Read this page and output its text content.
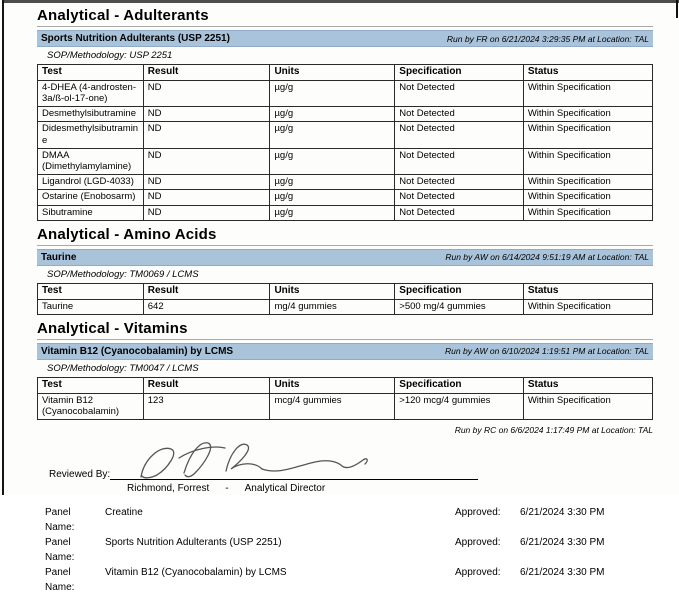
Analytical - Adulterants
Sports Nutrition Adulterants (USP 2251)	Run by FR on 6/21/2024 3:29:35 PM at Location: TAL
SOP/Methodology: USP 2251
Test	Result	Units	Specification	Status
4-DHEA (4-androsten-3a/ß-ol-17-one)	ND	µg/g	Not Detected	Within Specification
Desmethylsibutramine	ND	µg/g	Not Detected	Within Specification
Didesmethylsibutramine	ND	µg/g	Not Detected	Within Specification
DMAA (Dimethylamylamine)	ND	µg/g	Not Detected	Within Specification
Ligandrol (LGD-4033)	ND	µg/g	Not Detected	Within Specification
Ostarine (Enobosarm)	ND	µg/g	Not Detected	Within Specification
Sibutramine	ND	µg/g	Not Detected	Within Specification
Analytical - Amino Acids
Taurine	Run by AW on 6/14/2024 9:51:19 AM at Location: TAL
SOP/Methodology: TM0069 / LCMS
Test	Result	Units	Specification	Status
Taurine	642	mg/4 gummies	>500 mg/4 gummies	Within Specification
Analytical - Vitamins
Vitamin B12 (Cyanocobalamin) by LCMS	Run by AW on 6/10/2024 1:19:51 PM at Location: TAL
SOP/Methodology: TM0047 / LCMS
Test	Result	Units	Specification	Status
Vitamin B12 (Cyanocobalamin)	123	mcg/4 gummies	>120 mcg/4 gummies	Within Specification
Run by RC on 6/6/2024 1:17:49 PM at Location: TAL
Reviewed By:
Richmond, Forrest - Analytical Director
Panel Name:
Creatine	Approved:	6/21/2024 3:30 PM
Panel Name:
Sports Nutrition Adulterants (USP 2251)	Approved:	6/21/2024 3:30 PM
Panel Name:
Vitamin B12 (Cyanocobalamin) by LCMS	Approved:	6/21/2024 3:30 PM
